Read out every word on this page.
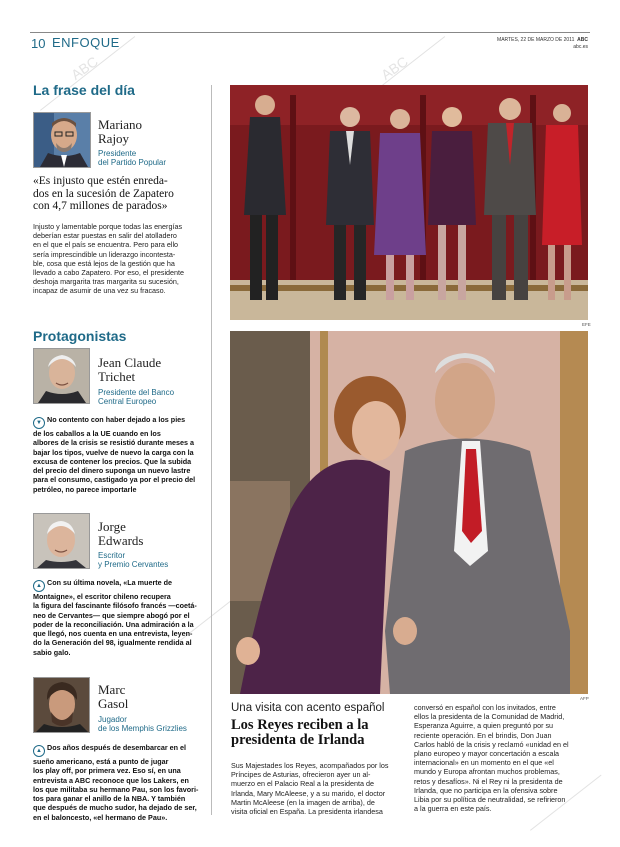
ABC	ABC
10 ENFOQUE	MARTES, 22 DE MARZO DE 2011 ABC
abc.es
La frase del día
Mariano
Rajoy
Presidente
del Partido Popular
«Es injusto que estén enreda-
dos en la sucesión de Zapatero
con 4,7 millones de parados»
Injusto y lamentable porque todas las energías
deberían estar puestas en salir del atolladero
en el que el país se encuentra. Pero para ello
sería imprescindible un liderazgo incontesta-
ble, cosa que está lejos de la gestión que ha
llevado a cabo Zapatero. Por eso, el presidente
deshoja margarita tras margarita su sucesión,
incapaz de asumir de una vez su fracaso.
Protagonistas
Jean Claude
Trichet
Presidente del Banco
Central Europeo
▼ No contento con haber dejado a los pies
de los caballos a la UE cuando en los
albores de la crisis se resistió durante meses a
bajar los tipos, vuelve de nuevo la carga con la
excusa de contener los precios. Que la subida
del precio del dinero suponga un nuevo lastre
para el consumo, castigado ya por el precio del
petróleo, no parece importarle
Jorge
Edwards
Escritor
y Premio Cervantes
▲ Con su última novela, «La muerte de
Montaigne», el escritor chileno recupera
la figura del fascinante filósofo francés —coetá-
neo de Cervantes— que siempre abogó por el
poder de la reconciliación. Una admiración a la
que llegó, nos cuenta en una entrevista, leyen-
do la Generación del 98, igualmente rendida al
sabio galo.
Marc
Gasol
Jugador
de los Memphis Grizzlies
▲ Dos años después de desembarcar en el
sueño americano, está a punto de jugar
los play off, por primera vez. Eso sí, en una
entrevista a ABC reconoce que los Lakers, en
los que militaba su hermano Pau, son los favori-
tos para ganar el anillo de la NBA. Y también
que después de mucho sudor, ha dejado de ser,
en el baloncesto, «el hermano de Pau».
EFE
AFP
Una visita con acento español
Los Reyes reciben a la
presidenta de Irlanda
Sus Majestades los Reyes, acompañados por los
Príncipes de Asturias, ofrecieron ayer un al-
muerzo en el Palacio Real a la presidenta de
Irlanda, Mary McAleese, y a su marido, el doctor
Martin McAleese (en la imagen de arriba), de
visita oficial en España. La presidenta irlandesa
conversó en español con los invitados, entre
ellos la presidenta de la Comunidad de Madrid,
Esperanza Aguirre, a quien preguntó por su
reciente operación. En el brindis, Don Juan
Carlos habló de la crisis y reclamó «unidad en el
plano europeo y mayor concertación a escala
internacional» en un momento en el que «el
mundo y Europa afrontan muchos problemas,
retos y desafíos». Ni el Rey ni la presidenta de
Irlanda, que no participa en la ofensiva sobre
Libia por su política de neutralidad, se refirieron
a la guerra en este país.
